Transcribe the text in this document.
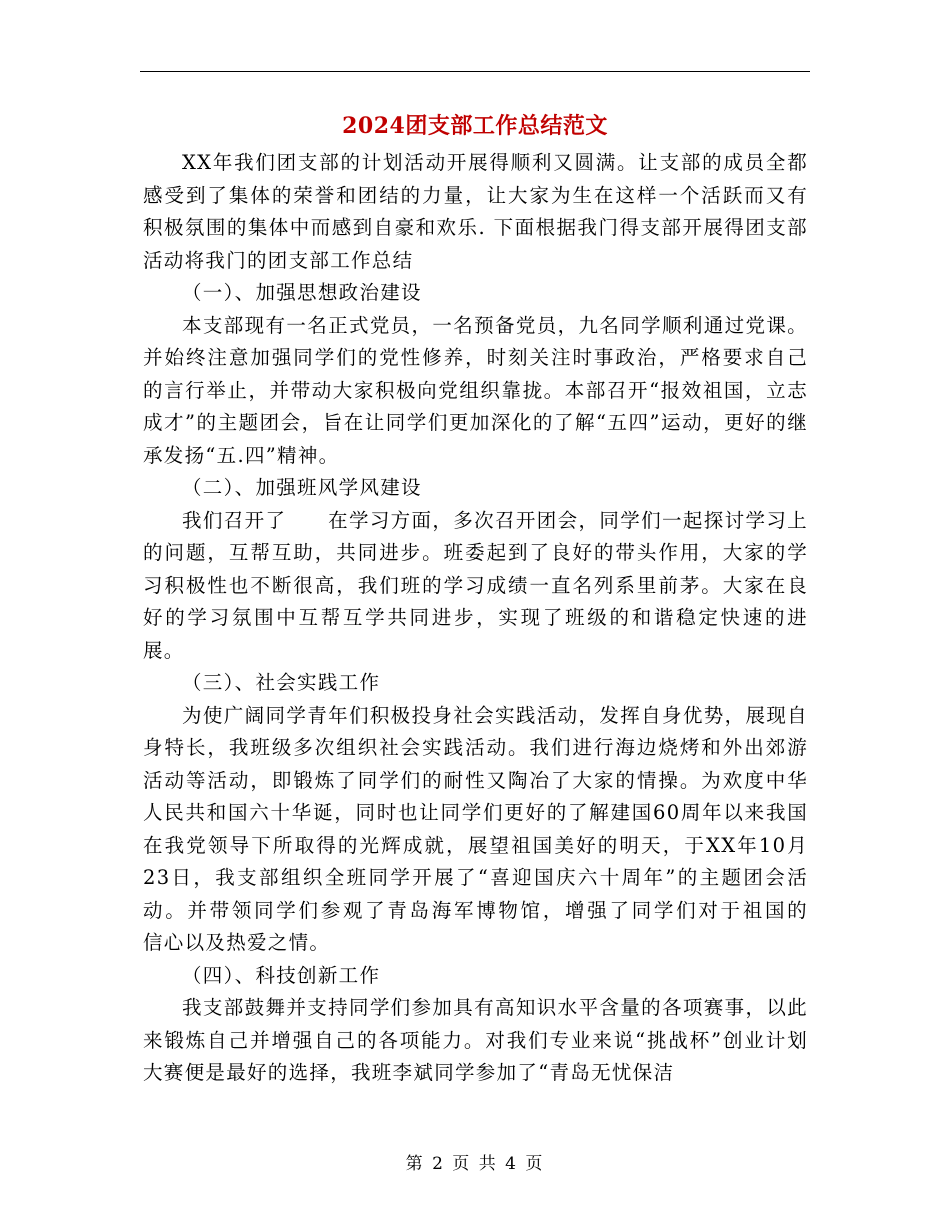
2024团支部工作总结范文

XX年我们团支部的计划活动开展得顺利又圆满。让支部的成员全都感受到了集体的荣誉和团结的力量，让大家为生在这样一个活跃而又有积极氛围的集体中而感到自豪和欢乐. 下面根据我门得支部开展得团支部活动将我门的团支部工作总结

（一）、加强思想政治建设

本支部现有一名正式党员，一名预备党员，九名同学顺利通过党课。并始终注意加强同学们的党性修养，时刻关注时事政治，严格要求自己的言行举止，并带动大家积极向党组织靠拢。本部召开“报效祖国，立志成才”的主题团会，旨在让同学们更加深化的了解“五四”运动，更好的继承发扬“五.四”精神。

（二）、加强班风学风建设

我们召开了　　在学习方面，多次召开团会，同学们一起探讨学习上的问题，互帮互助，共同进步。班委起到了良好的带头作用，大家的学习积极性也不断很高，我们班的学习成绩一直名列系里前茅。大家在良好的学习氛围中互帮互学共同进步，实现了班级的和谐稳定快速的进展。

（三）、社会实践工作

为使广阔同学青年们积极投身社会实践活动，发挥自身优势，展现自身特长，我班级多次组织社会实践活动。我们进行海边烧烤和外出郊游活动等活动，即锻炼了同学们的耐性又陶冶了大家的情操。为欢度中华人民共和国六十华诞，同时也让同学们更好的了解建国60周年以来我国在我党领导下所取得的光辉成就，展望祖国美好的明天，于XX年10月23日，我支部组织全班同学开展了“喜迎国庆六十周年”的主题团会活动。并带领同学们参观了青岛海军博物馆，增强了同学们对于祖国的　信心以及热爱之情。

（四）、科技创新工作

我支部鼓舞并支持同学们参加具有高知识水平含量的各项赛事，以此来锻炼自己并增强自己的各项能力。对我们专业来说“挑战杯”创业计划大赛便是最好的选择，我班李斌同学参加了“青岛无忧保洁

第 2 页 共 4 页
